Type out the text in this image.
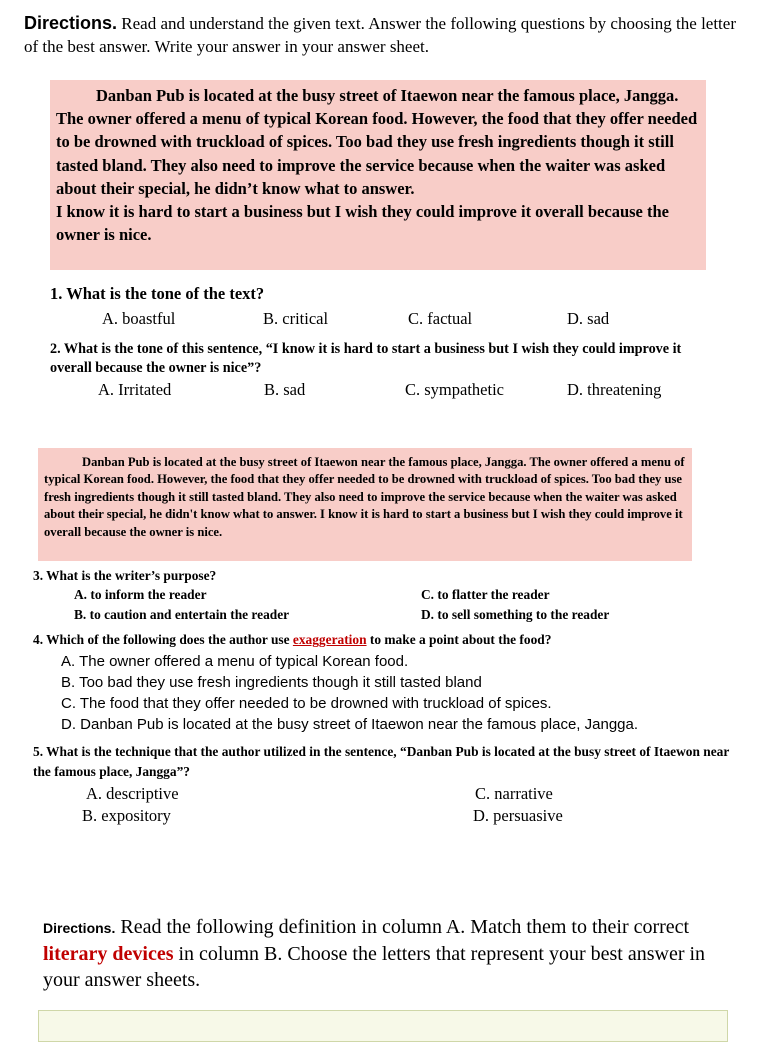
Directions. Read and understand the given text. Answer the following questions by choosing the letter of the best answer. Write your answer in your answer sheet.
Danban Pub is located at the busy street of Itaewon near the famous place, Jangga. The owner offered a menu of typical Korean food. However, the food that they offer needed to be drowned with truckload of spices. Too bad they use fresh ingredients though it still tasted bland. They also need to improve the service because when the waiter was asked about their special, he didn’t know what to answer.
I know it is hard to start a business but I wish they could improve it overall because the owner is nice.
1. What is the tone of the text?
A. boastful	B. critical	C. factual	D. sad
2. What is the tone of this sentence, “I know it is hard to start a business but I wish they could improve it overall because the owner is nice”?
A. Irritated	B. sad	C. sympathetic	D. threatening
Danban Pub is located at the busy street of Itaewon near the famous place, Jangga. The owner offered a menu of typical Korean food. However, the food that they offer needed to be drowned with truckload of spices. Too bad they use fresh ingredients though it still tasted bland. They also need to improve the service because when the waiter was asked about their special, he didn't know what to answer. I know it is hard to start a business but I wish they could improve it overall because the owner is nice.
3. What is the writer’s purpose?
A. to inform the reader	C. to flatter the reader
B. to caution and entertain the reader	D. to sell something to the reader
4. Which of the following does the author use exaggeration to make a point about the food?
A. The owner offered a menu of typical Korean food.
B. Too bad they use fresh ingredients though it still tasted bland
C. The food that they offer needed to be drowned with truckload of spices.
D. Danban Pub is located at the busy street of Itaewon near the famous place, Jangga.
5. What is the technique that the author utilized in the sentence, “Danban Pub is located at the busy street of Itaewon near the famous place, Jangga”?
A. descriptive	C. narrative
B. expository	D. persuasive
Directions. Read the following definition in column A. Match them to their correct literary devices in column B. Choose the letters that represent your best answer in your answer sheets.
